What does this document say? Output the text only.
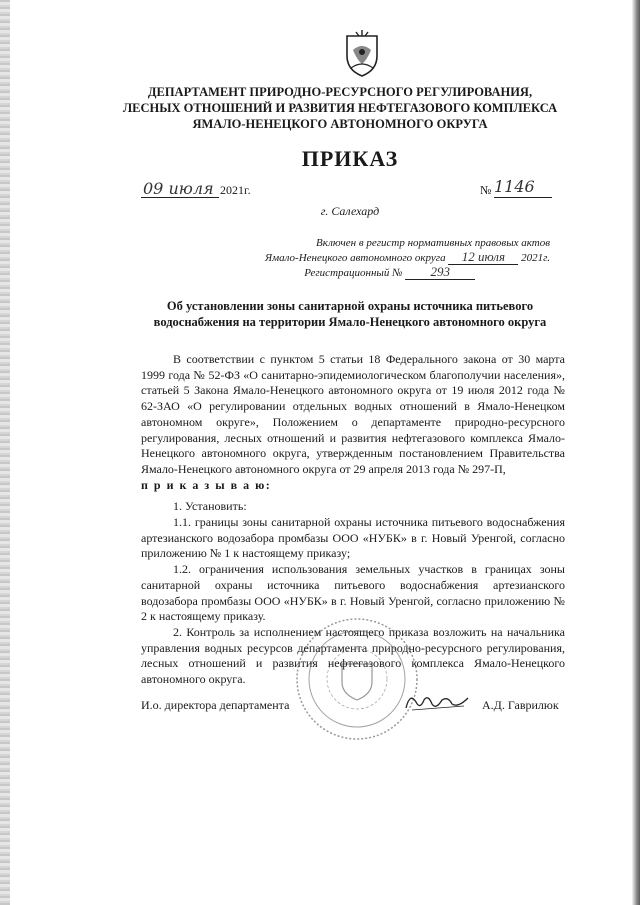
ДЕПАРТАМЕНТ ПРИРОДНО-РЕСУРСНОГО РЕГУЛИРОВАНИЯ,
ЛЕСНЫХ ОТНОШЕНИЙ И РАЗВИТИЯ НЕФТЕГАЗОВОГО КОМПЛЕКСА
ЯМАЛО-НЕНЕЦКОГО АВТОНОМНОГО ОКРУГА
ПРИКАЗ
09 июля 2021г.	№ 1146
г. Салехард
Включен в регистр нормативных правовых актов
Ямало-Ненецкого автономного округа 12 июля 2021г.
Регистрационный № 293
Об установлении зоны санитарной охраны источника питьевого
водоснабжения на территории Ямало-Ненецкого автономного округа

В соответствии с пунктом 5 статьи 18 Федерального закона от 30 марта 1999 года № 52-ФЗ «О санитарно-эпидемиологическом благополучии населения», статьей 5 Закона Ямало-Ненецкого автономного округа от 19 июля 2012 года № 62-ЗАО «О регулировании отдельных водных отношений в Ямало-Ненецком автономном округе», Положением о департаменте природно-ресурсного регулирования, лесных отношений и развития нефтегазового комплекса Ямало-Ненецкого автономного округа, утвержденным постановлением Правительства Ямало-Ненецкого автономного округа от 29 апреля 2013 года № 297-П,

п р и к а з ы в а ю:

1. Установить:

1.1. границы зоны санитарной охраны источника питьевого водоснабжения артезианского водозабора промбазы ООО «НУБК» в г. Новый Уренгой, согласно приложению № 1 к настоящему приказу;

1.2. ограничения использования земельных участков в границах зоны санитарной охраны источника питьевого водоснабжения артезианского водозабора промбазы ООО «НУБК» в г. Новый Уренгой, согласно приложению № 2 к настоящему приказу.

2. Контроль за исполнением настоящего приказа возложить на начальника управления водных ресурсов департамента природно-ресурсного регулирования, лесных отношений и развития нефтегазового комплекса Ямало-Ненецкого автономного округа.

И.о. директора департамента	А.Д. Гаврилюк
